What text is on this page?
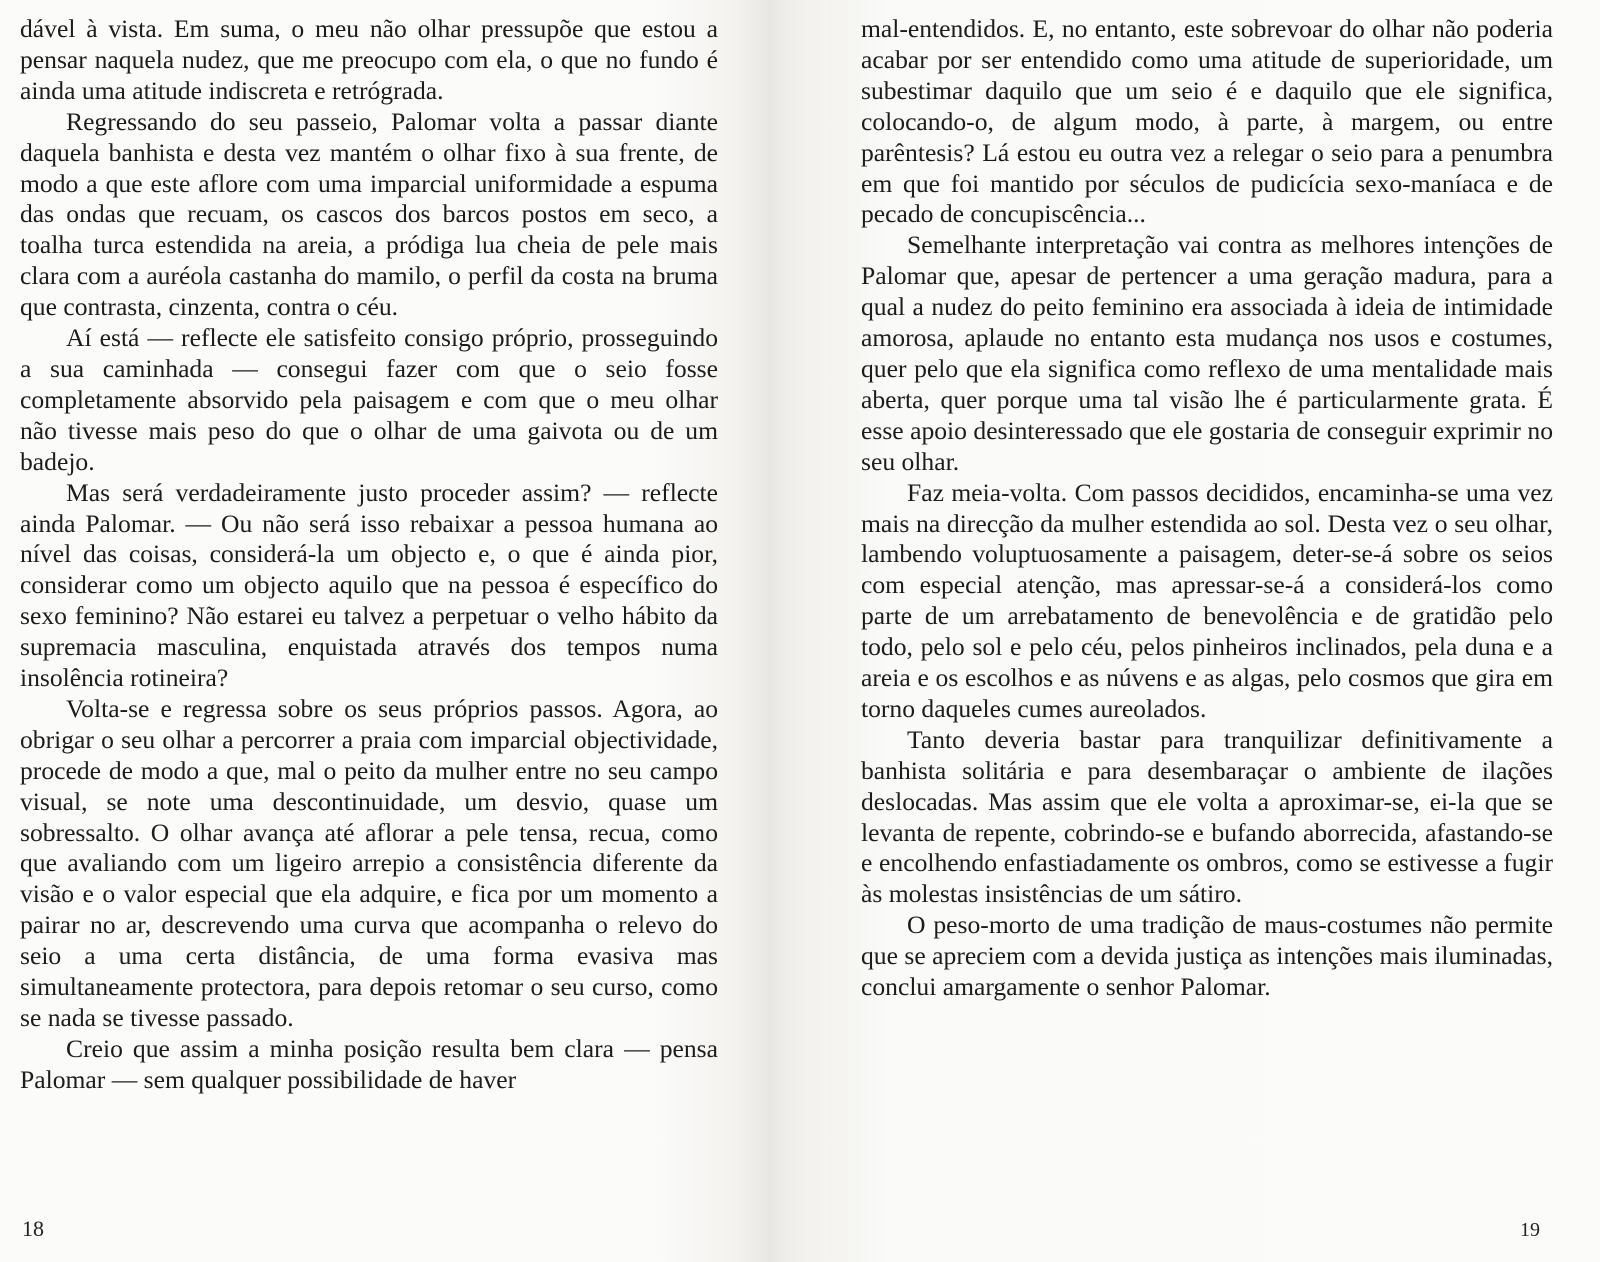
dável à vista. Em suma, o meu não olhar pressupõe que estou a pensar naquela nudez, que me preocupo com ela, o que no fundo é ainda uma atitude indiscreta e retrógrada.

Regressando do seu passeio, Palomar volta a passar diante daquela banhista e desta vez mantém o olhar fixo à sua frente, de modo a que este aflore com uma imparcial uniformidade a espuma das ondas que recuam, os cascos dos barcos postos em seco, a toalha turca estendida na areia, a pródiga lua cheia de pele mais clara com a auréola castanha do mamilo, o perfil da costa na bruma que contrasta, cinzenta, contra o céu.

Aí está — reflecte ele satisfeito consigo próprio, prosseguindo a sua caminhada — consegui fazer com que o seio fosse completamente absorvido pela paisagem e com que o meu olhar não tivesse mais peso do que o olhar de uma gaivota ou de um badejo.

Mas será verdadeiramente justo proceder assim? — reflecte ainda Palomar. — Ou não será isso rebaixar a pessoa humana ao nível das coisas, considerá-la um objecto e, o que é ainda pior, considerar como um objecto aquilo que na pessoa é específico do sexo feminino? Não estarei eu talvez a perpetuar o velho hábito da supremacia masculina, enquistada através dos tempos numa insolência rotineira?

Volta-se e regressa sobre os seus próprios passos. Agora, ao obrigar o seu olhar a percorrer a praia com imparcial objectividade, procede de modo a que, mal o peito da mulher entre no seu campo visual, se note uma descontinuidade, um desvio, quase um sobressalto. O olhar avança até aflorar a pele tensa, recua, como que avaliando com um ligeiro arrepio a consistência diferente da visão e o valor especial que ela adquire, e fica por um momento a pairar no ar, descrevendo uma curva que acompanha o relevo do seio a uma certa distância, de uma forma evasiva mas simultaneamente protectora, para depois retomar o seu curso, como se nada se tivesse passado.

Creio que assim a minha posição resulta bem clara — pensa Palomar — sem qualquer possibilidade de haver

18

mal-entendidos. E, no entanto, este sobrevoar do olhar não poderia acabar por ser entendido como uma atitude de superioridade, um subestimar daquilo que um seio é e daquilo que ele significa, colocando-o, de algum modo, à parte, à margem, ou entre parêntesis? Lá estou eu outra vez a relegar o seio para a penumbra em que foi mantido por séculos de pudicícia sexo-maníaca e de pecado de concupiscência...

Semelhante interpretação vai contra as melhores intenções de Palomar que, apesar de pertencer a uma geração madura, para a qual a nudez do peito feminino era associada à ideia de intimidade amorosa, aplaude no entanto esta mudança nos usos e costumes, quer pelo que ela significa como reflexo de uma mentalidade mais aberta, quer porque uma tal visão lhe é particularmente grata. É esse apoio desinteressado que ele gostaria de conseguir exprimir no seu olhar.

Faz meia-volta. Com passos decididos, encaminha-se uma vez mais na direcção da mulher estendida ao sol. Desta vez o seu olhar, lambendo voluptuosamente a paisagem, deter-se-á sobre os seios com especial atenção, mas apressar-se-á a considerá-los como parte de um arrebatamento de benevolência e de gratidão pelo todo, pelo sol e pelo céu, pelos pinheiros inclinados, pela duna e a areia e os escolhos e as núvens e as algas, pelo cosmos que gira em torno daqueles cumes aureolados.

Tanto deveria bastar para tranquilizar definitivamente a banhista solitária e para desembaraçar o ambiente de ilações deslocadas. Mas assim que ele volta a aproximar-se, ei-la que se levanta de repente, cobrindo-se e bufando aborrecida, afastando-se e encolhendo enfastiadamente os ombros, como se estivesse a fugir às molestas insistências de um sátiro.

O peso-morto de uma tradição de maus-costumes não permite que se apreciem com a devida justiça as intenções mais iluminadas, conclui amargamente o senhor Palomar.

19
